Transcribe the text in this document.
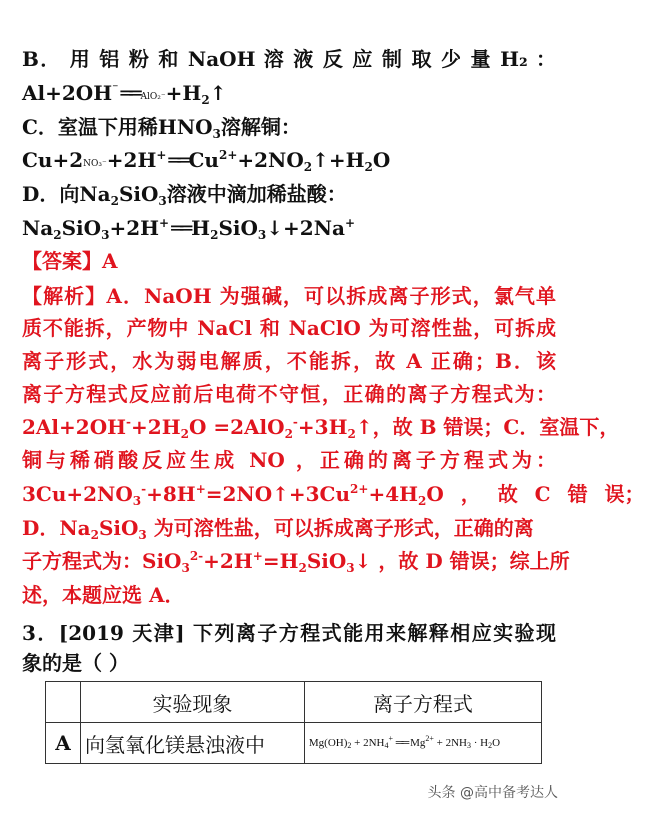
B． 用 铝 粉 和 NaOH 溶 液 反 应 制 取 少 量 H₂ ：
Al+2OH⁻ ══ $AlO_2^-+H_2↑$
C．室温下用稀$HNO_3$溶解铜：
Cu+2NO₃⁻+2H+ ══ $Cu^{2+}+2NO_2↑+H_2O$
D．向$Na_2SiO_3$溶液中滴加稀盐酸：
$Na_2SiO_3+2H^+$ ══ $H_2SiO_3↓+2Na^+$
【答案】A
【解析】A．NaOH 为强碱，可以拆成离子形式，氯气单
质不能拆，产物中 NaCl 和 NaClO 为可溶性盐，可拆成
离子形式，水为弱电解质，不能拆，故 A 正确；B．该
离子方程式反应前后电荷不守恒，正确的离子方程式为：
$2Al+2OH^-+2H_2O$ $=2AlO_2^-+3H_2↑$，故 B 错误；C．室温下，
铜与稀硝酸反应生成 NO ，正确的离子方程式为：
$3Cu+2NO_3^-+8H^+=2NO↑+3Cu^{2+}+4H_2O$ ， 故 C 错 误；
D．$Na_2SiO_3$ 为可溶性盐，可以拆成离子形式，正确的离
子方程式为：$SiO_3^{2-}+2H^+=H_2SiO_3↓$ ，故 D 错误；综上所
述，本题应选 A．
3．[2019 天津] 下列离子方程式能用来解释相应实验现
象的是（ ）
	实验现象	离子方程式
A	向氢氧化镁悬浊液中	$Mg(OH)_2 + 2NH_4^+$ ══ $Mg^{2+} + 2NH_3 \cdot H_2O$
头条 @高中备考达人
